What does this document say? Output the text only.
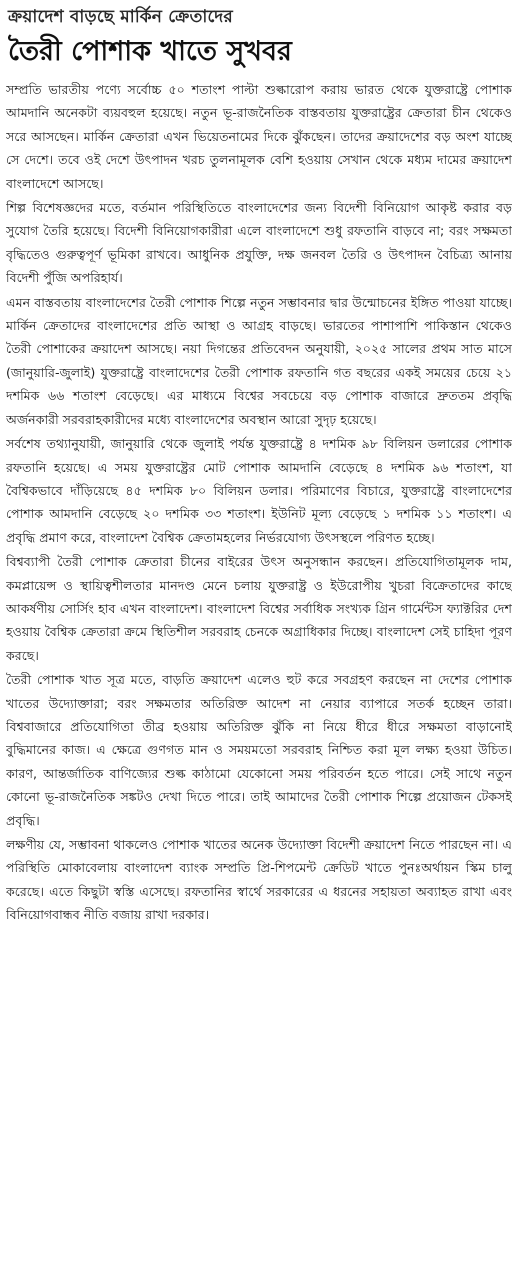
ক্রয়াদেশ বাড়ছে মার্কিন ক্রেতাদের
তৈরী পোশাক খাতে সুখবর

সম্প্রতি ভারতীয় পণ্যে সর্বোচ্চ ৫০ শতাংশ পাল্টা শুল্কারোপ করায় ভারত থেকে যুক্তরাষ্ট্রে পোশাক আমদানি অনেকটা ব্যয়বহুল হয়েছে। নতুন ভূ-রাজনৈতিক বাস্তবতায় যুক্তরাষ্ট্রের ক্রেতারা চীন থেকেও সরে আসছেন। মার্কিন ক্রেতারা এখন ভিয়েতনামের দিকে ঝুঁকছেন। তাদের ক্রয়াদেশের বড় অংশ যাচ্ছে সে দেশে। তবে ওই দেশে উৎপাদন খরচ তুলনামূলক বেশি হওয়ায় সেখান থেকে মধ্যম দামের ক্রয়াদেশ বাংলাদেশে আসছে।

শিল্প বিশেষজ্ঞদের মতে, বর্তমান পরিস্থিতিতে বাংলাদেশের জন্য বিদেশী বিনিয়োগ আকৃষ্ট করার বড় সুযোগ তৈরি হয়েছে। বিদেশী বিনিয়োগকারীরা এলে বাংলাদেশে শুধু রফতানি বাড়বে না; বরং সক্ষমতা বৃদ্ধিতেও গুরুত্বপূর্ণ ভূমিকা রাখবে। আধুনিক প্রযুক্তি, দক্ষ জনবল তৈরি ও উৎপাদন বৈচিত্র্য আনায় বিদেশী পুঁজি অপরিহার্য।

এমন বাস্তবতায় বাংলাদেশের তৈরী পোশাক শিল্পে নতুন সম্ভাবনার দ্বার উন্মোচনের ইঙ্গিত পাওয়া যাচ্ছে। মার্কিন ক্রেতাদের বাংলাদেশের প্রতি আস্থা ও আগ্রহ বাড়ছে। ভারতের পাশাপাশি পাকিস্তান থেকেও তৈরী পোশাকের ক্রয়াদেশ আসছে। নয়া দিগন্তের প্রতিবেদন অনুযায়ী, ২০২৫ সালের প্রথম সাত মাসে (জানুয়ারি-জুলাই) যুক্তরাষ্ট্রে বাংলাদেশের তৈরী পোশাক রফতানি গত বছরের একই সময়ের চেয়ে ২১ দশমিক ৬৬ শতাংশ বেড়েছে। এর মাধ্যমে বিশ্বের সবচেয়ে বড় পোশাক বাজারে দ্রুততম প্রবৃদ্ধি অর্জনকারী সরবরাহকারীদের মধ্যে বাংলাদেশের অবস্থান আরো সুদৃঢ় হয়েছে।

সর্বশেষ তথ্যানুযায়ী, জানুয়ারি থেকে জুলাই পর্যন্ত যুক্তরাষ্ট্রে ৪ দশমিক ৯৮ বিলিয়ন ডলারের পোশাক রফতানি হয়েছে। এ সময় যুক্তরাষ্ট্রের মোট পোশাক আমদানি বেড়েছে ৪ দশমিক ৯৬ শতাংশ, যা বৈশ্বিকভাবে দাঁড়িয়েছে ৪৫ দশমিক ৮০ বিলিয়ন ডলার। পরিমাণের বিচারে, যুক্তরাষ্ট্রে বাংলাদেশের পোশাক আমদানি বেড়েছে ২০ দশমিক ৩৩ শতাংশ। ইউনিট মূল্য বেড়েছে ১ দশমিক ১১ শতাংশ। এ প্রবৃদ্ধি প্রমাণ করে, বাংলাদেশ বৈশ্বিক ক্রেতামহলের নির্ভরযোগ্য উৎসস্থলে পরিণত হচ্ছে।

বিশ্বব্যাপী তৈরী পোশাক ক্রেতারা চীনের বাইরের উৎস অনুসন্ধান করছেন। প্রতিযোগিতামূলক দাম, কমপ্লায়েন্স ও স্থায়িত্বশীলতার মানদণ্ড মেনে চলায় যুক্তরাষ্ট্র ও ইউরোপীয় খুচরা বিক্রেতাদের কাছে আকর্ষণীয় সোর্সিং হাব এখন বাংলাদেশ। বাংলাদেশ বিশ্বের সর্বাধিক সংখ্যক গ্রিন গার্মেন্টস ফ্যাক্টরির দেশ হওয়ায় বৈশ্বিক ক্রেতারা ক্রমে স্থিতিশীল সরবরাহ চেনকে অগ্রাধিকার দিচ্ছে। বাংলাদেশ সেই চাহিদা পূরণ করছে।

তৈরী পোশাক খাত সূত্র মতে, বাড়তি ক্রয়াদেশ এলেও হুট করে সবগ্রহণ করছেন না দেশের পোশাক খাতের উদ্যোক্তারা; বরং সক্ষমতার অতিরিক্ত আদেশ না নেয়ার ব্যাপারে সতর্ক হচ্ছেন তারা। বিশ্ববাজারে প্রতিযোগিতা তীব্র হওয়ায় অতিরিক্ত ঝুঁকি না নিয়ে ধীরে ধীরে সক্ষমতা বাড়ানোই বুদ্ধিমানের কাজ। এ ক্ষেত্রে গুণগত মান ও সময়মতো সরবরাহ নিশ্চিত করা মূল লক্ষ্য হওয়া উচিত। কারণ, আন্তর্জাতিক বাণিজ্যের শুল্ক কাঠামো যেকোনো সময় পরিবর্তন হতে পারে। সেই সাথে নতুন কোনো ভূ-রাজনৈতিক সঙ্কটও দেখা দিতে পারে। তাই আমাদের তৈরী পোশাক শিল্পে প্রয়োজন টেকসই প্রবৃদ্ধি।

লক্ষণীয় যে, সম্ভাবনা থাকলেও পোশাক খাতের অনেক উদ্যোক্তা বিদেশী ক্রয়াদেশ নিতে পারছেন না। এ পরিস্থিতি মোকাবেলায় বাংলাদেশ ব্যাংক সম্প্রতি প্রি-শিপমেন্ট ক্রেডিট খাতে পুনঃঅর্থায়ন স্কিম চালু করেছে। এতে কিছুটা স্বস্তি এসেছে। রফতানির স্বার্থে সরকারের এ ধরনের সহায়তা অব্যাহত রাখা এবং বিনিয়োগবান্ধব নীতি বজায় রাখা দরকার।
